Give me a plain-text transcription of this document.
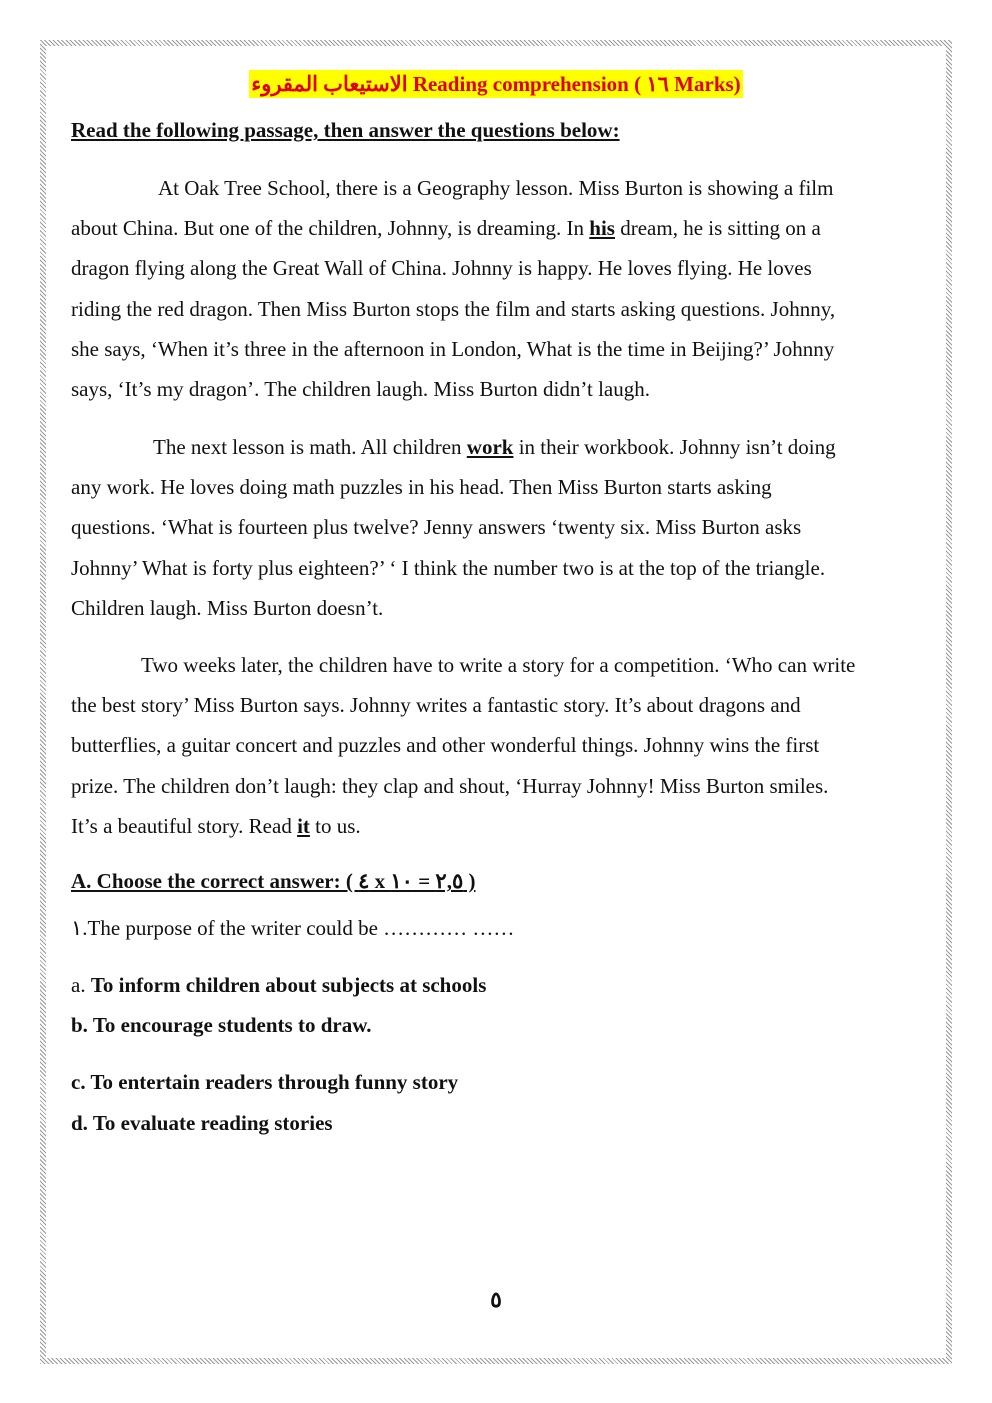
الاستيعاب المقروء Reading comprehension ( ١٦ Marks)
Read the following passage, then answer the questions below:
At Oak Tree School, there is a Geography lesson. Miss Burton is showing a film
about China. But one of the children, Johnny, is dreaming. In his dream, he is sitting on a
dragon flying along the Great Wall of China. Johnny is happy. He loves flying. He loves
riding the red dragon. Then Miss Burton stops the film and starts asking questions. Johnny,
she says, ‘When it’s three in the afternoon in London, What is the time in Beijing?’ Johnny
says, ‘It’s my dragon’. The children laugh. Miss Burton didn’t laugh.
The next lesson is math. All children work in their workbook. Johnny isn’t doing
any work. He loves doing math puzzles in his head. Then Miss Burton starts asking
questions. ‘What is fourteen plus twelve? Jenny answers ‘twenty six. Miss Burton asks
Johnny’ What is forty plus eighteen?’ ‘ I think the number two is at the top of the triangle.
Children laugh. Miss Burton doesn’t.
Two weeks later, the children have to write a story for a competition. ‘Who can write
the best story’ Miss Burton says. Johnny writes a fantastic story. It’s about dragons and
butterflies, a guitar concert and puzzles and other wonderful things. Johnny wins the first
prize. The children don’t laugh: they clap and shout, ‘Hurray Johnny! Miss Burton smiles.
It’s a beautiful story. Read it to us.
A. Choose the correct answer: ( ٤ x ٢,٥ = ١٠ )
١.The purpose of the writer could be ………… ……
a. To inform children about subjects at schools
b. To encourage students to draw.
c. To entertain readers through funny story
d. To evaluate reading stories
٥
